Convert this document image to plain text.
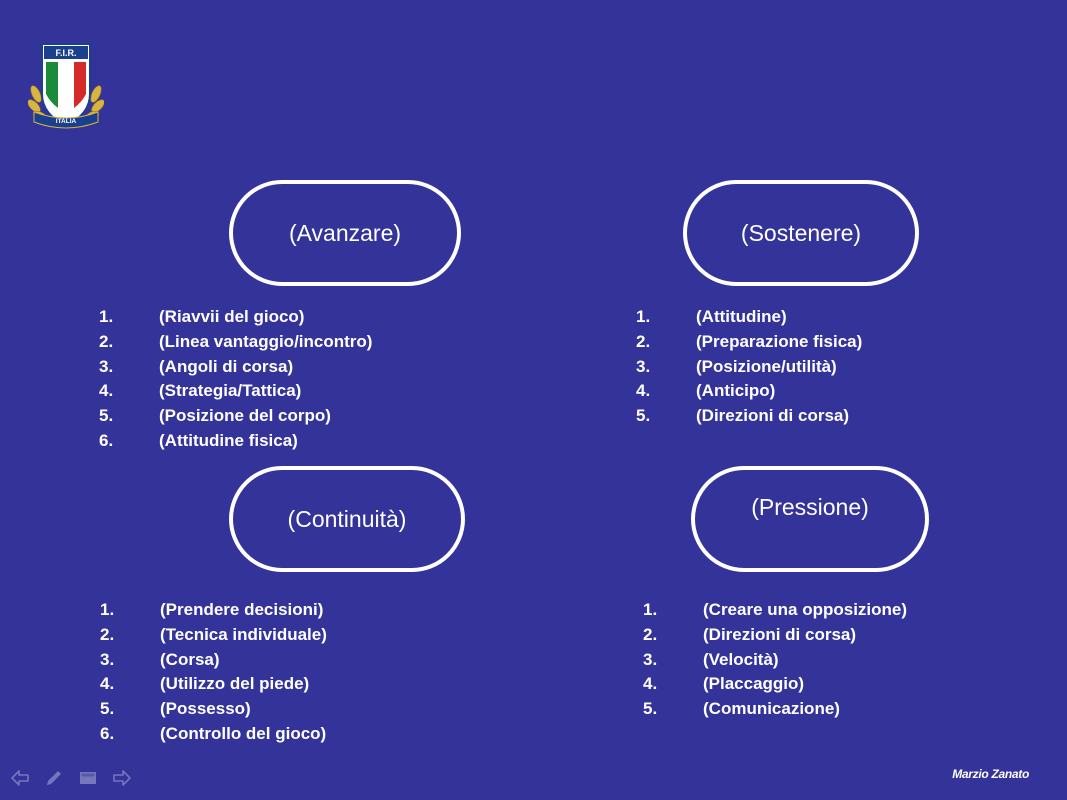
F.I.R.
ITALIA
(Avanzare)
1.	(Riavvii del gioco)
2.	(Linea vantaggio/incontro)
3.	(Angoli di corsa)
4.	(Strategia/Tattica)
5.	(Posizione del corpo)
6.	(Attitudine fisica)
(Sostenere)
1.	(Attitudine)
2.	(Preparazione fisica)
3.	(Posizione/utilità)
4.	(Anticipo)
5.	(Direzioni di corsa)
(Continuità)
1.	(Prendere decisioni)
2.	(Tecnica individuale)
3.	(Corsa)
4.	(Utilizzo del piede)
5.	(Possesso)
6.	(Controllo del gioco)
(Pressione)
1.	(Creare una opposizione)
2.	(Direzioni di corsa)
3.	(Velocità)
4.	(Placcaggio)
5.	(Comunicazione)
Marzio Zanato
